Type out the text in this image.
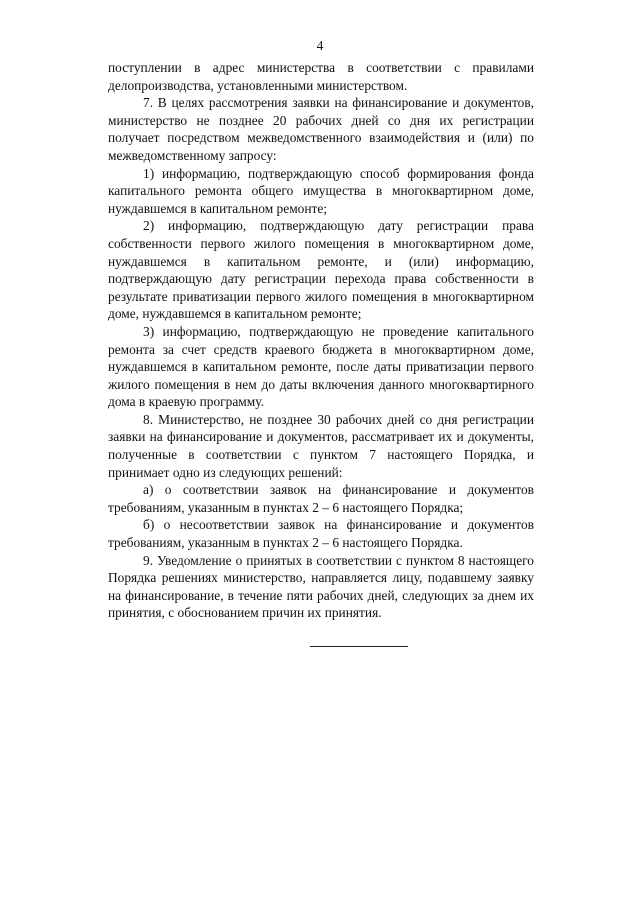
4

поступлении в адрес министерства в соответствии с правилами делопроизводства, установленными министерством.

7. В целях рассмотрения заявки на финансирование и документов, министерство не позднее 20 рабочих дней со дня их регистрации получает посредством межведомственного взаимодействия и (или) по межведомственному запросу:

1) информацию, подтверждающую способ формирования фонда капитального ремонта общего имущества в многоквартирном доме, нуждавшемся в капитальном ремонте;

2) информацию, подтверждающую дату регистрации права собственности первого жилого помещения в многоквартирном доме, нуждавшемся в капитальном ремонте, и (или) информацию, подтверждающую дату регистрации перехода права собственности в результате приватизации первого жилого помещения в многоквартирном доме, нуждавшемся в капитальном ремонте;

3) информацию, подтверждающую не проведение капитального ремонта за счет средств краевого бюджета в многоквартирном доме, нуждавшемся в капитальном ремонте, после даты приватизации первого жилого помещения в нем до даты включения данного многоквартирного дома в краевую программу.

8. Министерство, не позднее 30 рабочих дней со дня регистрации заявки на финансирование и документов, рассматривает их и документы, полученные в соответствии с пунктом 7 настоящего Порядка, и принимает одно из следующих решений:

а) о соответствии заявок на финансирование и документов требованиям, указанным в пунктах 2 – 6 настоящего Порядка;

б) о несоответствии заявок на финансирование и документов требованиям, указанным в пунктах 2 – 6 настоящего Порядка.

9. Уведомление о принятых в соответствии с пунктом 8 настоящего Порядка решениях министерство, направляется лицу, подавшему заявку на финансирование, в течение пяти рабочих дней, следующих за днем их принятия, с обоснованием причин их принятия.
